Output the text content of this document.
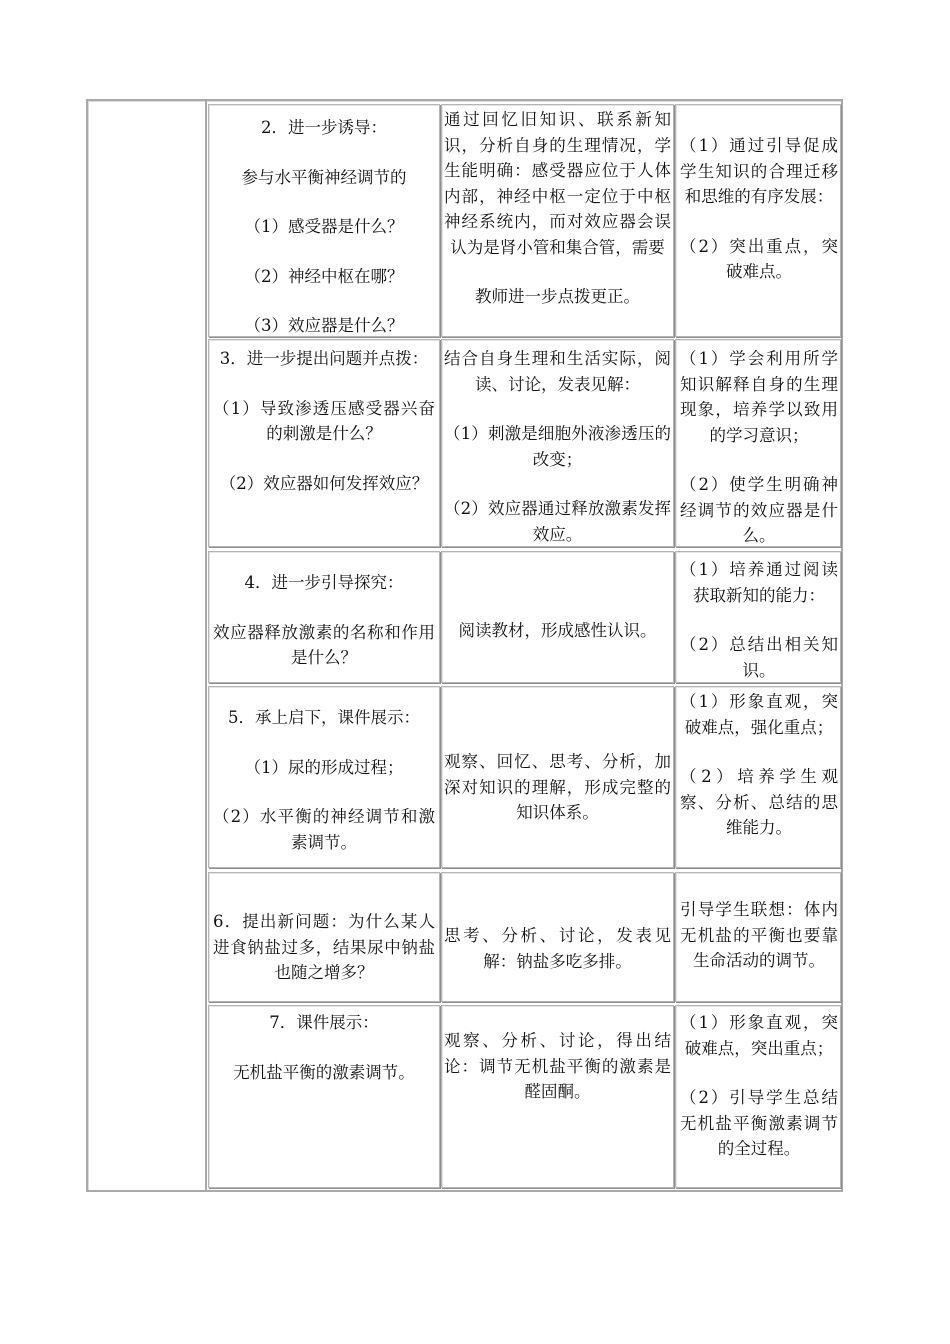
2．进一步诱导：

参与水平衡神经调节的

（1）感受器是什么？

（2）神经中枢在哪？

（3）效应器是什么？

通过回忆旧知识、联系新知识，分析自身的生理情况，学生能明确：感受器应位于人体内部，神经中枢一定位于中枢神经系统内，而对效应器会误认为是肾小管和集合管，需要

教师进一步点拨更正。

（1）通过引导促成学生知识的合理迁移和思维的有序发展：

（2）突出重点，突破难点。

3．进一步提出问题并点拨：

（1）导致渗透压感受器兴奋的刺激是什么？

（2）效应器如何发挥效应？

结合自身生理和生活实际，阅读、讨论，发表见解：

（1）刺激是细胞外液渗透压的改变；

（2）效应器通过释放激素发挥效应。

（1）学会利用所学知识解释自身的生理现象，培养学以致用的学习意识；

（2）使学生明确神经调节的效应器是什么。

4．进一步引导探究：

效应器释放激素的名称和作用是什么？

阅读教材，形成感性认识。

（1）培养通过阅读获取新知的能力：

（2）总结出相关知识。

5．承上启下，课件展示：

（1）尿的形成过程；

（2）水平衡的神经调节和激素调节。

观察、回忆、思考、分析，加深对知识的理解，形成完整的知识体系。

（1）形象直观，突破难点，强化重点；

（2）培养学生观察、分析、总结的思维能力。

6．提出新问题：为什么某人进食钠盐过多，结果尿中钠盐也随之增多？

思考、分析、讨论，发表见解：钠盐多吃多排。

引导学生联想：体内无机盐的平衡也要靠生命活动的调节。

7．课件展示：

无机盐平衡的激素调节。

观察、分析、讨论，得出结论：调节无机盐平衡的激素是醛固酮。

（1）形象直观，突破难点，突出重点；

（2）引导学生总结无机盐平衡激素调节的全过程。
